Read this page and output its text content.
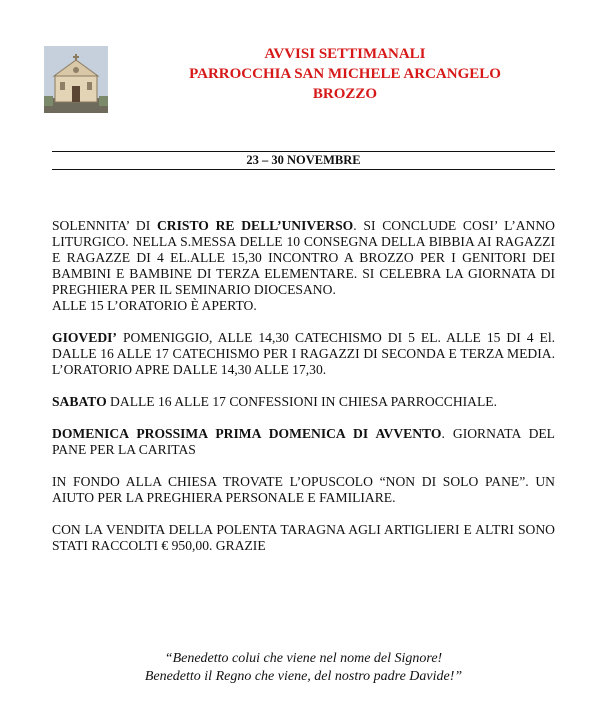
AVVISI SETTIMANALI
PARROCCHIA SAN MICHELE ARCANGELO
BROZZO
23 – 30 NOVEMBRE

SOLENNITA’ DI CRISTO RE DELL’UNIVERSO. SI CONCLUDE COSI’ L’ANNO LITURGICO. NELLA S.MESSA DELLE 10 CONSEGNA DELLA BIBBIA AI RAGAZZI E RAGAZZE DI 4 EL.ALLE 15,30 INCONTRO A BROZZO PER I GENITORI DEI BAMBINI E BAMBINE DI TERZA ELEMENTARE. SI CELEBRA LA GIORNATA DI PREGHIERA PER IL SEMINARIO DIOCESANO.

ALLE 15 L’ORATORIO È APERTO.

GIOVEDI’ POMENIGGIO, ALLE 14,30 CATECHISMO DI 5 EL. ALLE 15 DI 4 El. DALLE 16 ALLE 17 CATECHISMO PER I RAGAZZI DI SECONDA E TERZA MEDIA. L’ORATORIO APRE DALLE 14,30 ALLE 17,30.

SABATO DALLE 16 ALLE 17 CONFESSIONI IN CHIESA PARROCCHIALE.

DOMENICA PROSSIMA PRIMA DOMENICA DI AVVENTO. GIORNATA DEL PANE PER LA CARITAS

IN FONDO ALLA CHIESA TROVATE L’OPUSCOLO “NON DI SOLO PANE”. UN AIUTO PER LA PREGHIERA PERSONALE E FAMILIARE.

CON LA VENDITA DELLA POLENTA TARAGNA AGLI ARTIGLIERI E ALTRI SONO STATI RACCOLTI € 950,00. GRAZIE

“Benedetto colui che viene nel nome del Signore!
Benedetto il Regno che viene, del nostro padre Davide!”
